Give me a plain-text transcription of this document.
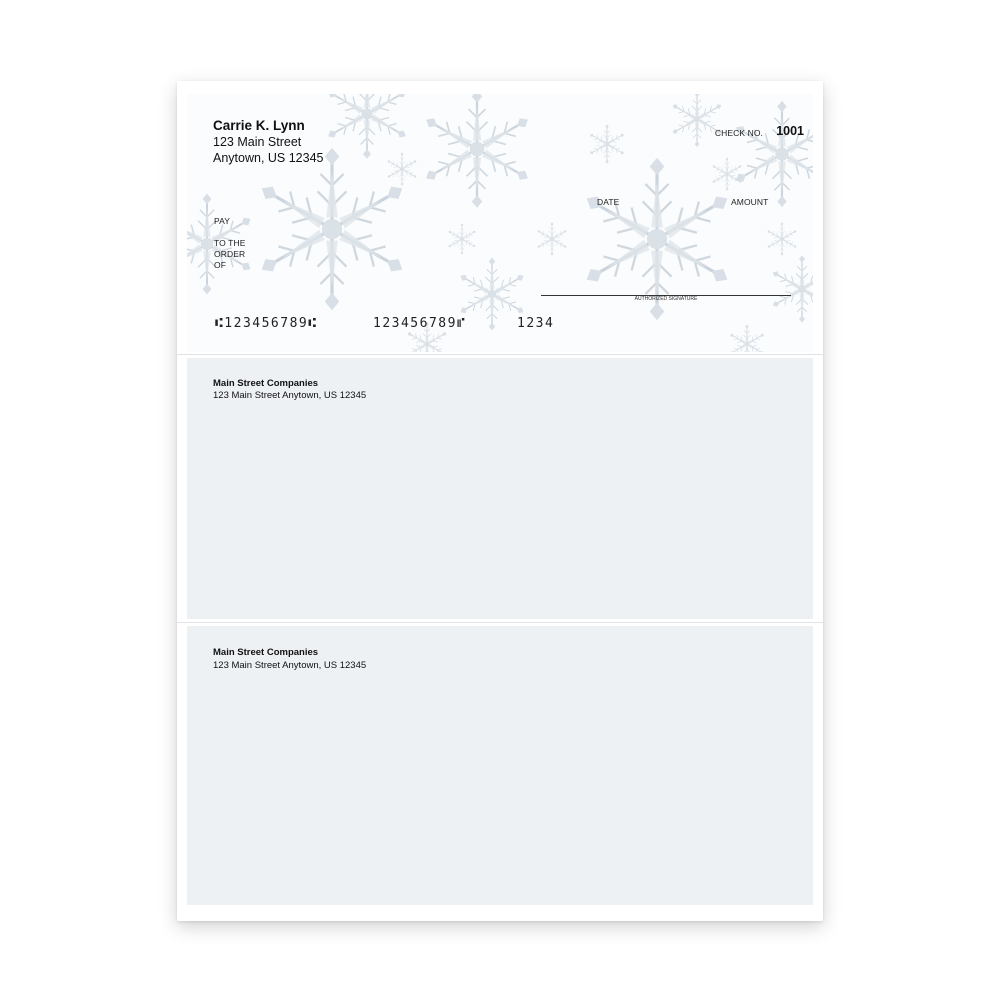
Carrie K. Lynn
123 Main Street
Anytown, US 12345
CHECK NO. 1001
DATE	AMOUNT
PAY
TO THE
ORDER
OF
AUTHORIZED SIGNATURE
⑆123456789⑆	123456789⑈	1234
Main Street Companies
123 Main Street Anytown, US 12345
Main Street Companies
123 Main Street Anytown, US 12345
